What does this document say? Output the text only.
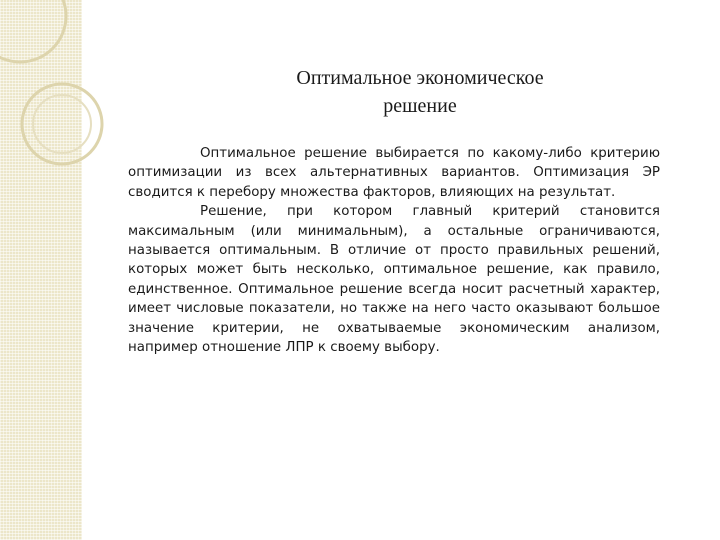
Оптимальное экономическое
решение

Оптимальное решение выбирается по какому-либо критерию оптимизации из всех альтернативных вариантов. Оптимизация ЭР сводится к перебору множества факторов, влияющих на результат.

Решение, при котором главный критерий становится максимальным (или минимальным), а остальные ограничиваются, называется оптимальным. В отличие от просто правильных решений, которых может быть несколько, оптимальное решение, как правило, единственное. Оптимальное решение всегда носит расчетный характер, имеет числовые показатели, но также на него часто оказывают большое значение критерии, не охватываемые экономическим анализом, например отношение ЛПР к своему выбору.
